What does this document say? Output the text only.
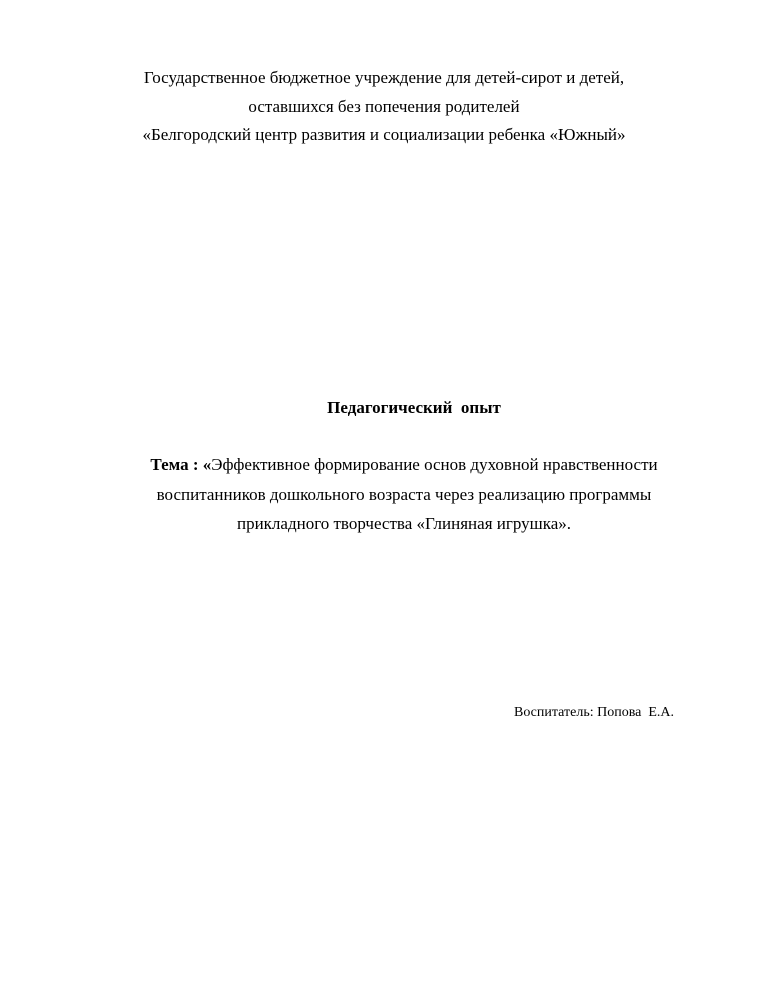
Государственное бюджетное учреждение для детей-сирот и детей,
оставшихся без попечения родителей
«Белгородский центр развития и социализации ребенка «Южный»
Педагогический  опыт
Тема : «Эффективное формирование основ духовной нравственности
воспитанников дошкольного возраста через реализацию программы
прикладного творчества «Глиняная игрушка».
Воспитатель: Попова  Е.А.
